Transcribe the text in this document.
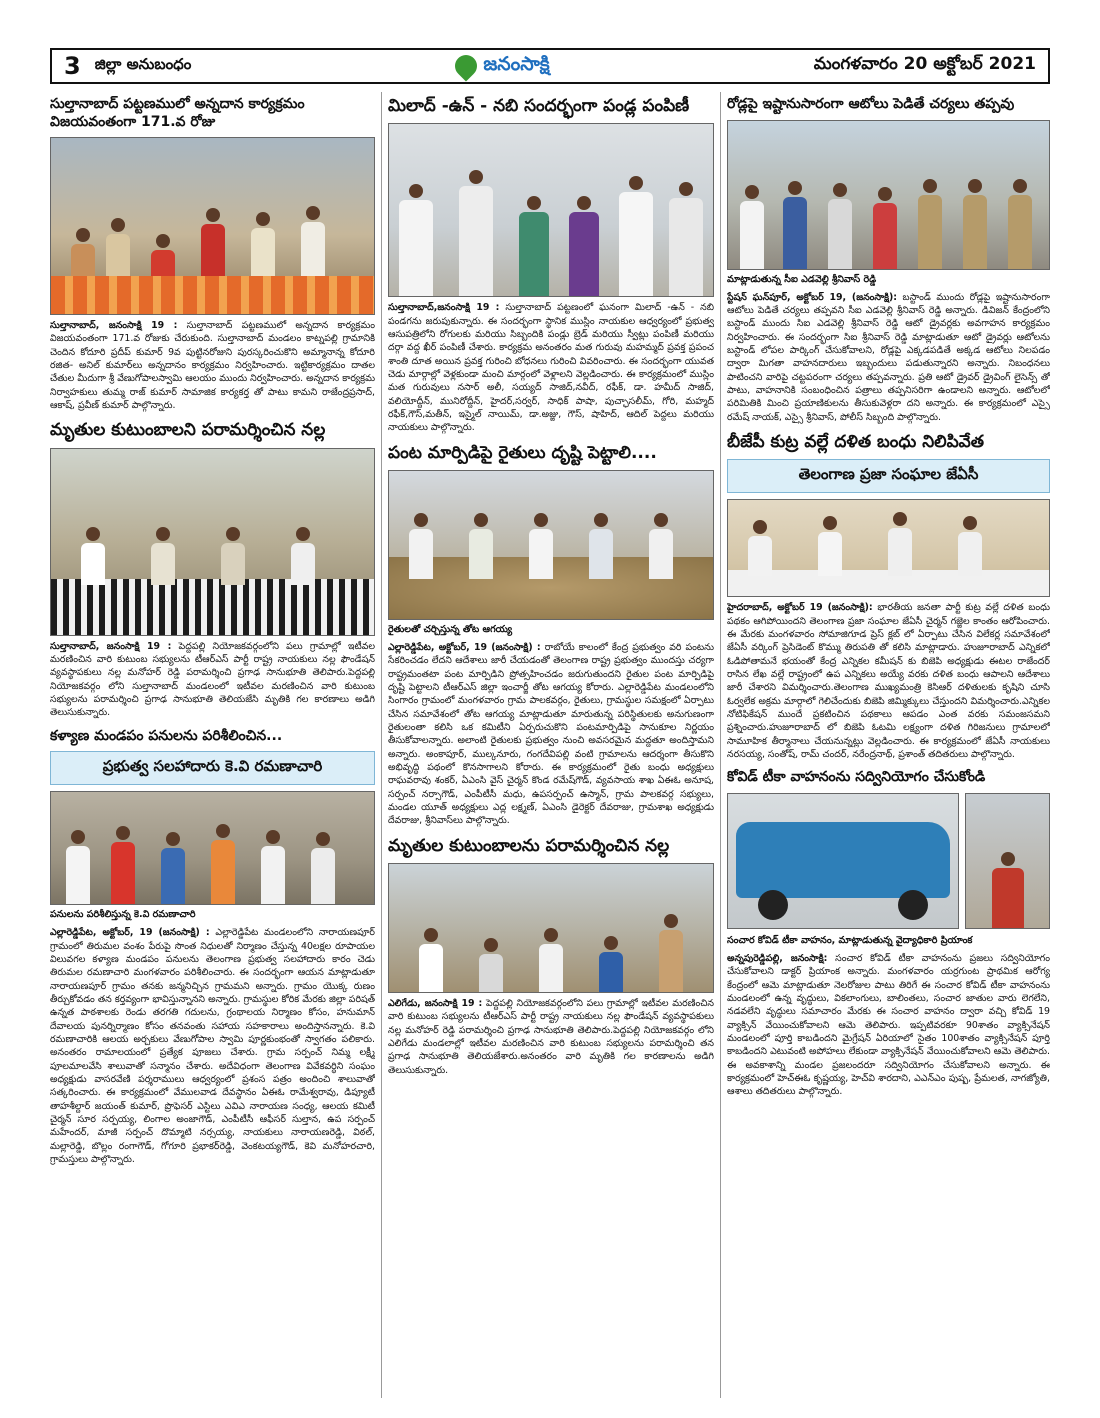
3 జిల్లా అనుబంధం	జనంసాక్షి	మంగళవారం 20 అక్టోబర్ 2021
సుల్తానాబాద్ పట్టణములో అన్నదాన కార్యక్రమం విజయవంతంగా 171.వ రోజు

సుల్తానాబాద్, జనంసాక్షి 19 : సుల్తానాబాద్ పట్టణములో అన్నదాన కార్యక్రమం విజయవంతంగా 171.వ రోజుకు చేరుకుంది. సుల్తానాబాద్ మండలం కాట్నపల్లి గ్రామానికి చెందిన కోదూరి ప్రదీప్ కుమార్ 9వ పుట్టినరోజుని పురస్కరించుకొని అమ్మానాన్న కోదూరి రజిత- అనిల్ కుమార్‌లు అన్నదానం కార్యక్రమం నిర్వహించారు. ఇట్టికార్యక్రమం దాతల చేతుల మీదుగా శ్రీ వేణుగోపాలస్వామి ఆలయం ముందు నిర్వహించారు. అన్నదాన కార్యక్రమ నిర్వాహకులు తుమ్మ రాజ్ కుమార్ సామాజిక కార్యకర్త తో పాటు కామని రాజేంద్రప్రసాద్, ఆకాష్, ప్రవీణ్ కుమార్ పాల్గొన్నారు.

మృతుల కుటుంబాలని పరామర్శించిన నల్ల

సుల్తానాబాద్, జనంసాక్షి 19 : పెద్దపల్లి నియోజకవర్గంలోని పలు గ్రామాల్లో ఇటీవల మరణించిన వారి కుటుంబ సభ్యులను టీఆర్‌ఎస్ పార్టీ రాష్ట్ర నాయకులు నల్ల ఫౌండేషన్ వ్యవస్థాపకులు నల్ల మనోహర్ రెడ్డి పరామర్శించి ప్రగాఢ సానుభూతి తెలిపారు.పెద్దపల్లి నియోజకవర్గం లోని సుల్తానాబాద్ మండలంలో ఇటీవల మరణించిన వారి కుటుంబ సభ్యులను పరామర్శించి ప్రగాఢ సానుభూతి తెలియజేసి మృతికి గల కారణాలు అడిగి తెలుసుకున్నారు.

కళ్యాణ మండపం పనులను పరిశీలించిన...
ప్రభుత్వ సలహాదారు కె.వి రమణాచారి
పనులను పరిశీలిస్తున్న కె.వి రమణాచారి

ఎల్లారెడ్డిపేట, అక్టోబర్, 19 (జనంసాక్షి) : ఎల్లారెడ్డిపేట మండలంలోని నారాయణపూర్ గ్రామంలో తిరుమల వంశం పేరుపై సొంత నిధులతో నిర్మాణం చేస్తున్న 40లక్షల రూపాయల విలువగల కళ్యాణ మండపం పనులను తెలంగాణ ప్రభుత్వ సలహాదారు కారం చెడు తిరుమల రమణాచారి మంగళవారం పరిశీలించారు. ఈ సందర్భంగా ఆయన మాట్లాడుతూ నారాయణపూర్ గ్రామం తనకు జన్మనిచ్చిన గ్రామమని అన్నారు. గ్రామం యొక్క రుణం తీర్చుకోవడం తన కర్తవ్యంగా భావిస్తున్నానని అన్నారు. గ్రామస్థుల కోరిక మేరకు జిల్లా పరిషత్ ఉన్నత పాఠశాలకు రెండు తరగతి గదులను, గ్రంథాలయ నిర్మాణం కోసం, హనుమాన్ దేవాలయ పునర్నిర్మాణం కోసం తనవంతు సహాయ సహకారాలు అందిస్తానన్నారు. కె.వి రమణాచారికి ఆలయ అర్చకులు వేణుగోపాల స్వామి పూర్ణకుంభంతో స్వాగతం పలికారు. అనంతరం రామాలయంలో ప్రత్యేక పూజలు చేశారు. గ్రామ సర్పంచ్ నిమ్మ లక్ష్మీ పూలమాలవేసి శాలువాతో సన్మానం చేశారు. అదేవిధంగా తెలంగాణ వివేకవర్ధిని సంఘం అధ్యక్షుడు వాసరవేణి పర్శరాములు ఆధ్వర్యంలో ప్రశంస పత్రం అందించి శాలువాతో సత్కరించారు. ఈ కార్యక్రమంలో వేములవాడ దేవస్థానం ఏఈఓ రామేశ్వరావు, డిప్యూటీ తాహశీల్దార్ జయంత్ కుమార్, ప్రొఫెసర్ ఎస్టిలు ఎవిఎ నారాయణ సంధ్య, ఆలయ కమిటీ చైర్మన్ సూర సర్పయ్య, లింగాల అంజాగౌడ్, ఎంపీటీసీ ఆఫీసర్ సుల్తాన, ఉప సర్పంచ్ మహేందర్, మాజీ సర్పంచ్ దొమ్మాటి నర్సయ్య, నాయకులు నారాయణరెడ్డి, విఠల్, మల్లారెడ్డి, బొల్లం రంగాగౌడ్, గోగూరి ప్రభాకర్‌రెడ్డి, వెంకటయ్యగౌడ్, కెవి మనోహరచారి, గ్రామస్తులు పాల్గొన్నారు.

మిలాద్ -ఉన్ - నబి సందర్భంగా పండ్ల పంపిణీ

సుల్తానాబాద్,జనంసాక్షి 19 : సుల్తానాబాద్ పట్టణంలో ఘనంగా మిలాద్ -ఉన్ - నబి పండగను జరుపుకున్నారు. ఈ సందర్భంగా స్థానిక ముస్లిం నాయకుల ఆధ్వర్యంలో ప్రభుత్వ ఆసుపత్రిలోని రోగులకు మరియు సిబ్బందికి పండ్లు బ్రెడ్ మరియు స్వీట్లు పంపిణీ మరియు దర్గా వద్ద ఖీర్ పంపిణీ చేశారు. కార్యక్రమ అనంతరం మత గురువు మహమ్మద్ ప్రవక్త ప్రపంచ శాంతి దూత అయిన ప్రవక్త గురించి బోధనలు గురించి వివరించారు. ఈ సందర్భంగా యువత చెడు మార్గాల్లో వెళ్లకుండా మంచి మార్గంలో వెళ్లాలని వెల్లడించారు. ఈ కార్యక్రమంలో ముస్లిం మత గురువులు నసార్ అలీ, సయ్యద్ సాజిద్,నవీద్, రఫీక్, డా. హమీద్ సాజిద్, వలియోద్దీన్, మునిరోద్దీన్, హైదర్,సర్వర్, సాధిక్ పాషా, పుచ్ఛాసలీమ్, గోరి, మహ్మద్ రఫీక్,గౌస్,మతీన్, ఇస్మైల్ నాయిమ్, డా.అజ్జు, గౌస్, షాహిద్, ఆదిల్ పెద్దలు మరియు నాయకులు పాల్గొన్నారు.

పంట మార్పిడిపై రైతులు దృష్టి పెట్టాలి....
రైతులతో చర్చిస్తున్న తోట ఆగయ్య

ఎల్లారెడ్డిపేట, అక్టోబర్, 19 (జనంసాక్షి) : రాబోయే కాలంలో కేంద్ర ప్రభుత్వం వరి పంటను సేకరించడం లేదని ఆదేశాలు జారీ చేయడంతో తెలంగాణ రాష్ట్ర ప్రభుత్వం ముందస్తు చర్యగా రాష్ట్రమంతటా పంట మార్పిడిని ప్రోత్సహించడం జరుగుతుందని రైతుల పంట మార్పిడిపై దృష్టి పెట్టాలని టీఆర్‌ఎస్ జిల్లా ఇంచార్జీ తోట ఆగయ్య కోరారు. ఎల్లారెడ్డిపేట మండలంలోని సింగారం గ్రామంలో మంగళవారం గ్రామ పాలకవర్గం, రైతులు, గ్రామస్థుల సమక్షంలో ఏర్పాటు చేసిన సమావేశంలో తోట ఆగయ్య మాట్లాడుతూ మారుతున్న పరిస్థితులకు అనుగుణంగా రైతులంతా కలిసి ఒక కమిటీని ఏర్పరుచుకొని పంటమార్పిడిపై సానుకూల నిర్ణయం తీసుకోవాలన్నారు. అలాంటి రైతులకు ప్రభుత్వం నుంచి అవసరమైన మద్దతూ అందిస్తామని అన్నారు. అంకాపూర్, ముల్కనూరు, గంగదేవిపల్లి వంటి గ్రామాలను ఆదర్శంగా తీసుకొని అభివృద్ధి పథంలో కొనసాగాలని కోరారు. ఈ కార్యక్రమంలో రైతు బంధు అధ్యక్షులు రాఘవరావు శంకర్, ఏఎంసి వైస్ చైర్మన్ కొండ రమేష్‌గౌడ్, వ్యవసాయ శాఖ ఏఈఓ అనూష, సర్పంచ్ నర్సాగౌడ్, ఎంపీటీసీ మధు, ఉపసర్పంచ్ ఉస్మాన్, గ్రామ పాలకవర్గ సభ్యులు, మండల యూత్ అధ్యక్షులు ఎద్ల లక్ష్మణ్, ఏఎంసి డైరెక్టర్ దేవరాజు, గ్రామశాఖ అధ్యక్షుడు దేవరాజు, శ్రీనివాస్‌లు పాల్గొన్నారు.

మృతుల కుటుంబాలను పరామర్శించిన నల్ల

ఎలిగేడు, జనంసాక్షి 19 : పెద్దపల్లి నియోజకవర్గంలోని పలు గ్రామాల్లో ఇటీవల మరణించిన వారి కుటుంబ సభ్యులను టీఆర్‌ఎస్ పార్టీ రాష్ట్ర నాయకులు నల్ల ఫౌండేషన్ వ్యవస్థాపకులు నల్ల మనోహర్ రెడ్డి పరామర్శించి ప్రగాఢ సానుభూతి తెలిపారు.పెద్దపల్లి నియోజకవర్గం లోని ఎలిగేడు మండలాల్లో ఇటీవల మరణించిన వారి కుటుంబ సభ్యులను పరామర్శించి తన ప్రగాఢ సానుభూతి తెలియజేశారు.అనంతరం వారి మృతికి గల కారణాలను అడిగి తెలుసుకున్నారు.

రోడ్లపై ఇష్టానుసారంగా ఆటోలు పెడితే చర్యలు తప్పవు
మాట్లాడుతున్న సీఐ ఎడవెల్లి శ్రీనివాస్ రెడ్డి

స్టేషన్ ఘన్‌పూర్, అక్టోబర్ 19, (జనంసాక్షి): బస్టాండ్ ముందు రోడ్లపై ఇష్టానుసారంగా ఆటోలు పెడితే చర్యలు తప్పవని సీఐ ఎడవెల్లి శ్రీనివాస్ రెడ్డి అన్నారు. డివిజన్ కేంద్రంలోని బస్టాండ్ ముందు సిఐ ఎడవెల్లి శ్రీనివాస్ రెడ్డి ఆటో డ్రైవర్లకు అవగాహన కార్యక్రమం నిర్వహించారు. ఈ సందర్భంగా సిఐ శ్రీనివాస్ రెడ్డి మాట్లాడుతూ ఆటో డ్రైవర్లు ఆటోలను బస్టాండ్ లోపల పార్కింగ్ చేసుకోవాలని, రోడ్లపై ఎక్కడపడితే అక్కడ ఆటోలు నిలపడం ద్వారా మిగతా వాహనదారులు ఇబ్బందులు పడుతున్నారని అన్నారు. నిబంధనలు పాటించని వారిపై చట్టపరంగా చర్యలు తప్పవన్నారు. ప్రతి ఆటో డ్రైవర్ డ్రైవింగ్ లైసెన్స్ తో పాటు, వాహనానికి సంబంధించిన పత్రాలు తప్పనిసరిగా ఉండాలని అన్నారు. ఆటోలలో పరిమితికి మించి ప్రయాణికులను తీసుకువెళ్లరా దని అన్నారు. ఈ కార్యక్రమంలో ఎస్సై రమేష్ నాయక్, ఎస్సై శ్రీనివాస్, పోలీస్ సిబ్బంది పాల్గొన్నారు.

బీజేపీ కుట్ర వల్లే దళిత బంధు నిలిపివేత
తెలంగాణ ప్రజా సంఘాల జేఏసీ

హైదరాబాద్, అక్టోబర్ 19 (జనంసాక్షి): భారతీయ జనతా పార్టీ కుట్ర వల్లే దళిత బంధు పథకం ఆగిపోయిందని తెలంగాణ ప్రజా సంఘాల జేఏసీ చైర్మన్ గజ్జెల కాంతం ఆరోపించారు. ఈ మేరకు మంగళవారం సోమాజిగూడ ప్రెస్ క్లబ్ లో ఏర్పాటు చేసిన విలేకర్ల సమావేశంలో జేఏసీ వర్కింగ్ ప్రెసిడెంట్ కొమ్ము తిరుపతి తో కలిసి మాట్లాడారు. హుజూరాబాద్ ఎన్నికలో ఓడిపోతామనే భయంతో కేంద్ర ఎన్నికల కమీషన్ కు బిజెపి అధ్యక్షుడు ఈటల రాజేందర్ రాసిన లేఖ వల్లే రాష్ట్రంలో ఉప ఎన్నికలు అయ్యే వరకు దళిత బంధు ఆపాలని ఆదేశాలు జారీ చేశారని విమర్శించారు.తెలంగాణ ముఖ్యమంత్రి కెసిఆర్ దళితులకు కృషిని చూసి ఓర్వలేక అక్రమ మార్గాలో గెలిచేందుకు బిజెపి జిమ్మిక్కులు చేస్తుందని విమర్శించారు.ఎన్నికల నోటిఫికేషన్ ముందే ప్రకటించిన పథకాలు ఆపడం ఎంత వరకు సమంజసమని ప్రశ్నించారు.హుజూరాబాద్ లో బిజెపి ఓటమి లక్ష్యంగా దళిత గిరిజనులు గ్రామాలలో సామూహిక తీర్మానాలు చేయనున్నట్లు వెల్లడించారు. ఈ కార్యక్రమంలో జేఏసీ నాయకులు నరసయ్య, సంతోష్, రామ్ చందర్, నరేంద్రనాథ్, ప్రశాంత్ తదితరులు పాల్గొన్నారు.

కోవిడ్ టీకా వాహనంను సద్వినియోగం చేసుకోండి
సంచార కోవిడ్ టీకా వాహనం, మాట్లాడుతున్న వైద్యాధికారి ప్రియాంక

అన్నపురెడ్డిపల్లి, జనంసాక్షి: సంచార కోవిడ్ టీకా వాహనంను ప్రజలు సద్వినియోగం చేసుకోవాలని డాక్టర్ ప్రియాంక అన్నారు. మంగళవారం యర్రగుంట ప్రాథమిక ఆరోగ్య కేంద్రంలో ఆమె మాట్లాడుతూ నెలరోజుల పాటు తిరిగే ఈ సంచార కోవిడ్ టీకా వాహనంను మండలంలో ఉన్న వృద్ధులు, వికలాంగులు, బాలింతలు, సంచార జాతుల వారు లెగలేని, నడవలేని వృద్ధులు సమాచారం మేరకు ఈ సంచార వాహనం ద్వారా వచ్చి కోవిడ్ 19 వ్యాక్సిన్ వేయించుకోవాలని ఆమె తెలిపారు. ఇప్పటివరకూ 90శాతం వ్యాక్సినేషన్ మండలంలో పూర్తి కాబడిందని మైగ్రేషన్ ఏరియాలో సైతం 100శాతం వ్యాక్సినేషన్ పూర్తి కాబడిందని ఎటువంటి అపోహలు లేకుండా వ్యాక్సినేషన్ వేయించుకోవాలని ఆమె తెలిపారు. ఈ అవకాశాన్ని మండల ప్రజలందరూ సద్వినియోగం చేసుకోవాలని అన్నారు. ఈ కార్యక్రమంలో హెచ్ఈఓ కృష్ణయ్య, హెచ్‌వి శారదాని, ఎఎన్ఎం పుష్ప, ప్రేమలత, నాగజ్యోతి, ఆశాలు తదితరులు పాల్గొన్నారు.
